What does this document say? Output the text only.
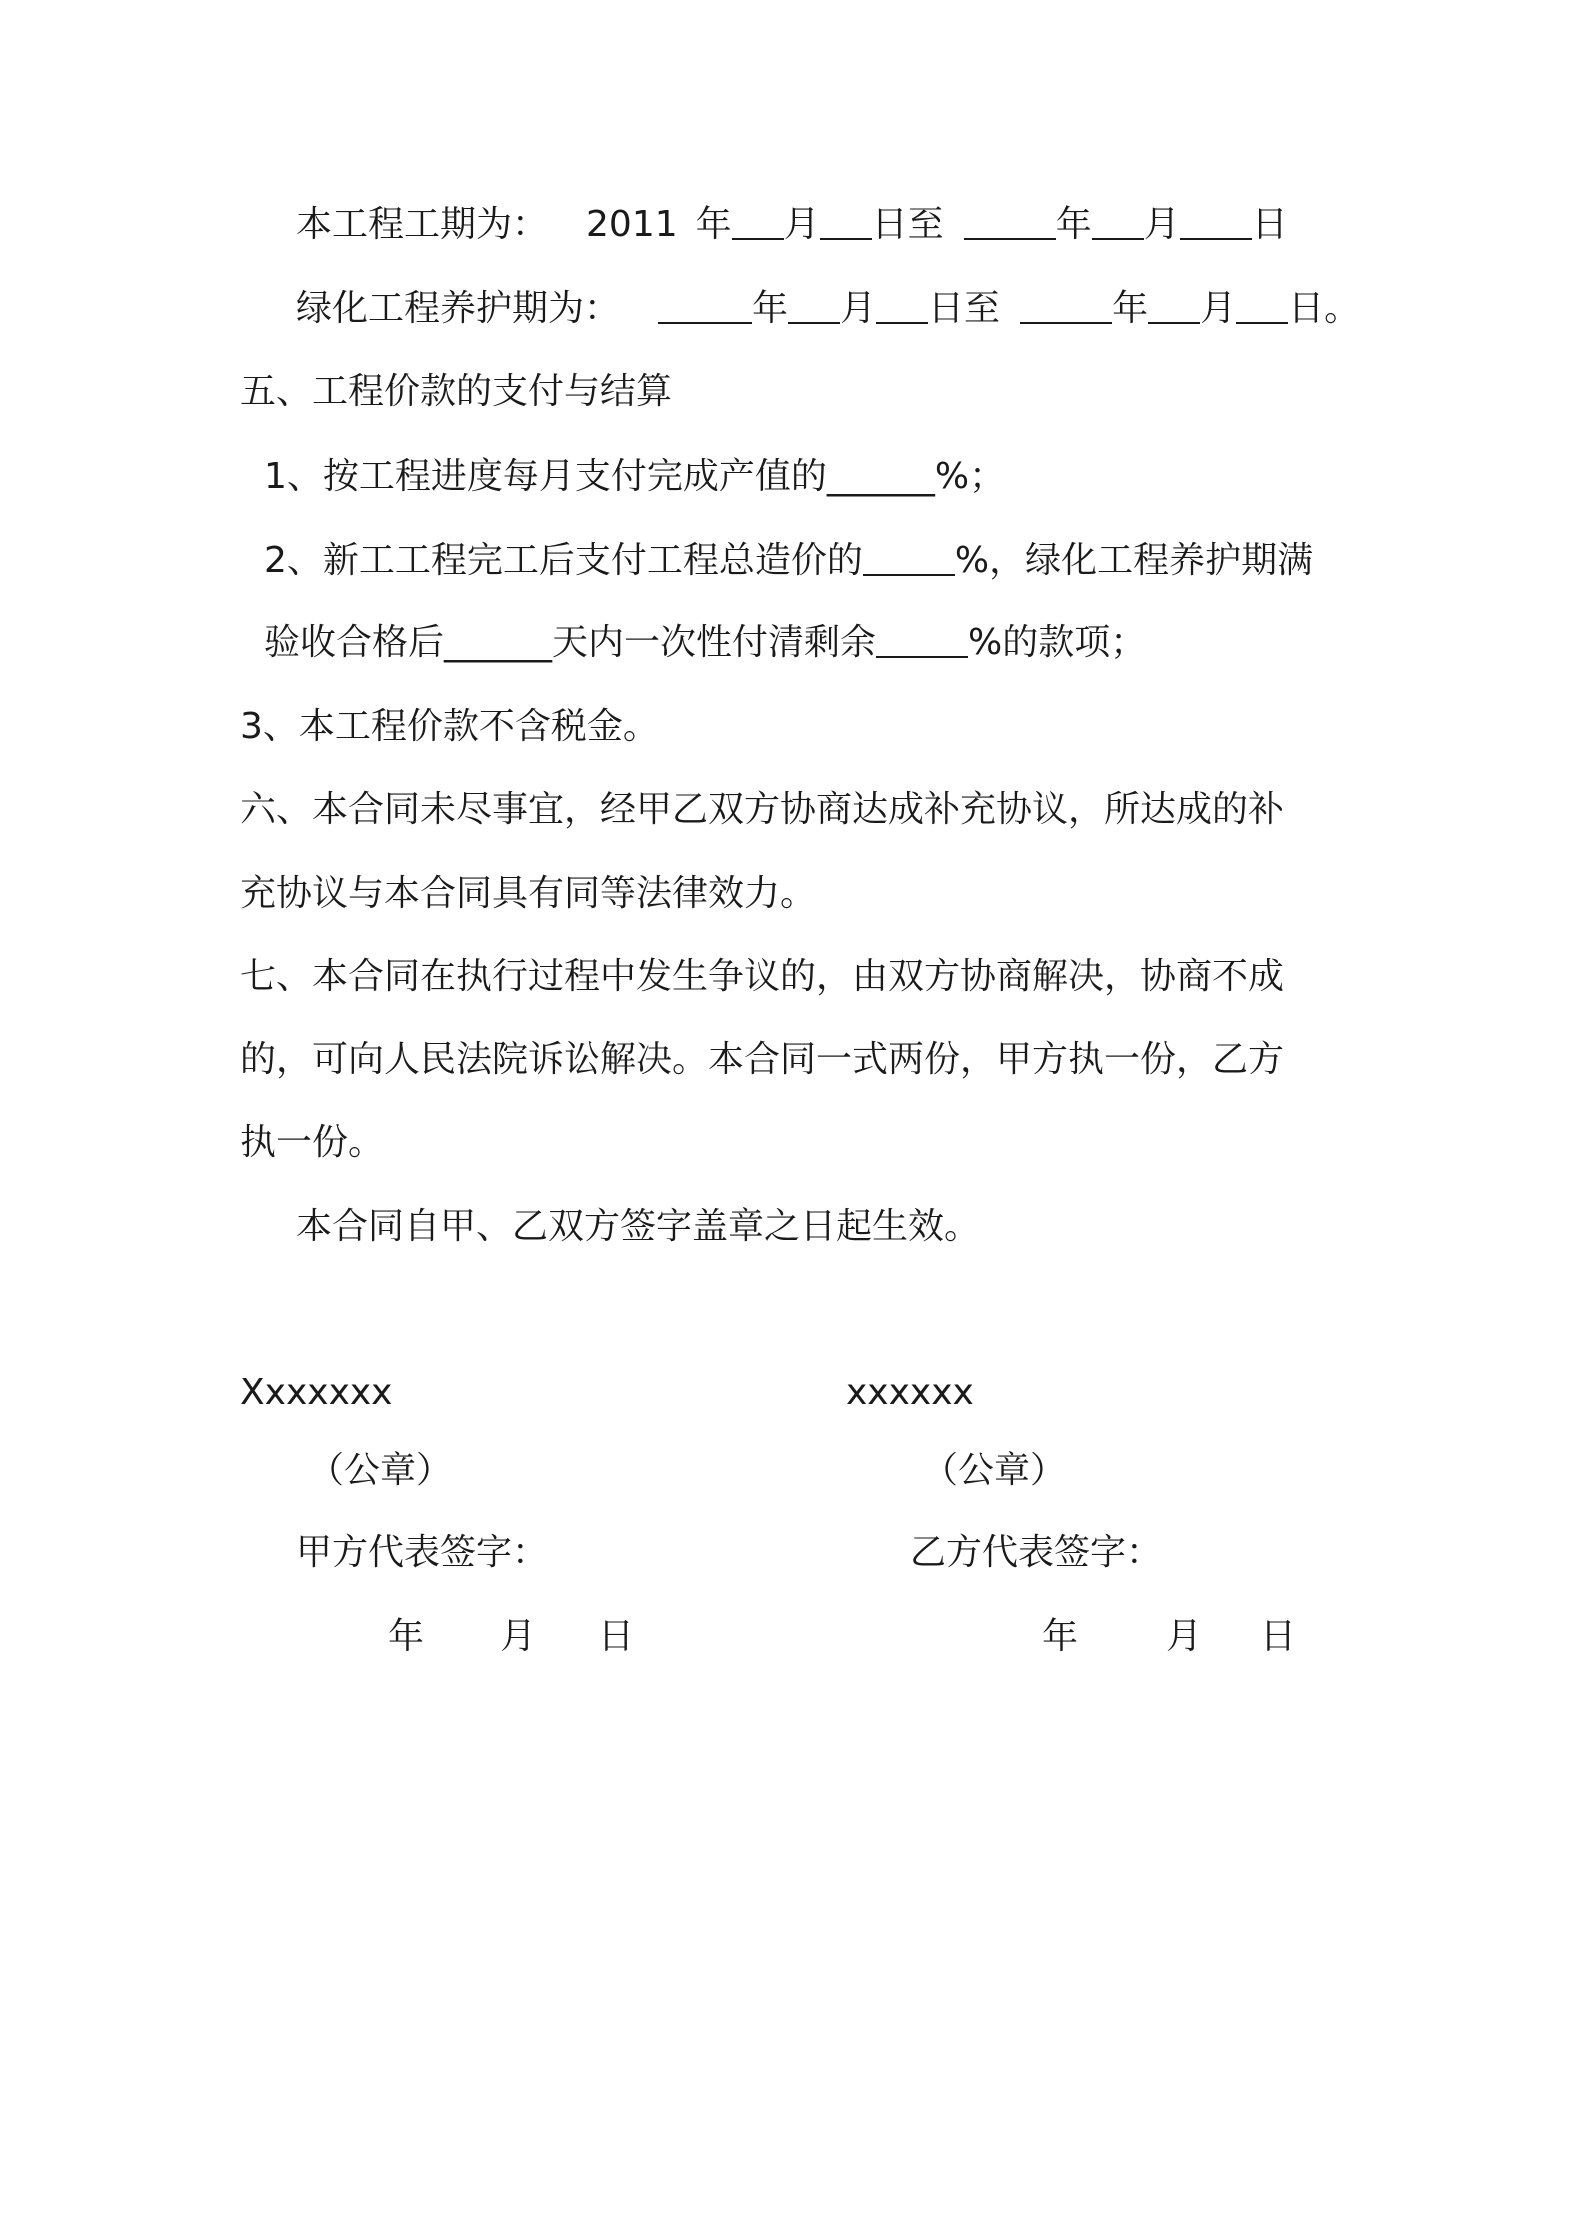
本工程工期为： 2011 年 月 日至	年 月 日
绿化工程养护期为：	年 月 日至	年 月 日。
五、工程价款的支付与结算
1、按工程进度每月支付完成产值的______%；
2、新工工程完工后支付工程总造价的	%，绿化工程养护期满
验收合格后______天内一次性付清剩余	%的款项；
3、本工程价款不含税金。
六、本合同未尽事宜，经甲乙双方协商达成补充协议，所达成的补
充协议与本合同具有同等法律效力。
七、本合同在执行过程中发生争议的，由双方协商解决，协商不成
的，可向人民法院诉讼解决。本合同一式两份，甲方执一份，乙方
执一份。
本合同自甲、乙双方签字盖章之日起生效。
Xxxxxxx
（公章）
甲方代表签字：
年 月 日
xxxxxx
（公章）
乙方代表签字：
年 月 日
